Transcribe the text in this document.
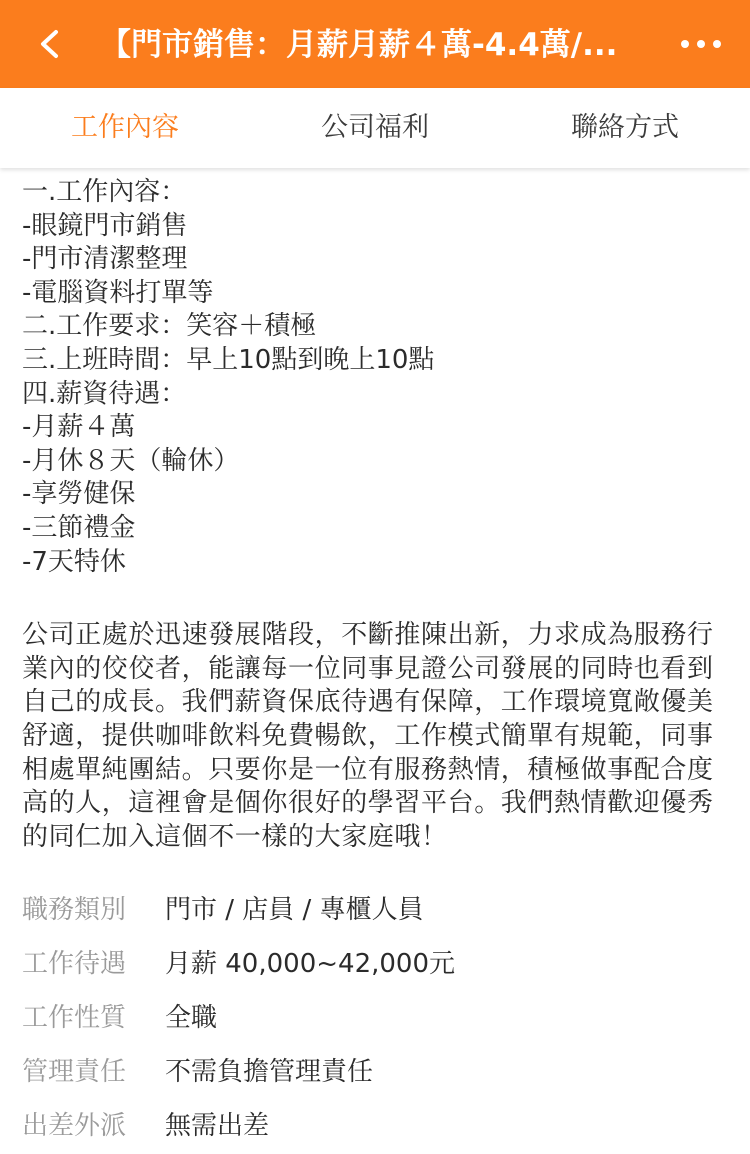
【門市銷售：月薪月薪４萬-4.4萬/...
工作內容	公司福利	聯絡方式
一.工作內容：
-眼鏡門市銷售
-門市清潔整理
-電腦資料打單等
二.工作要求：笑容＋積極
三.上班時間：早上10點到晚上10點
四.薪資待遇：
-月薪４萬
-月休８天（輪休）
-享勞健保
-三節禮金
-7天特休
公司正處於迅速發展階段，不斷推陳出新，力求成為服務行業內的佼佼者，能讓每一位同事見證公司發展的同時也看到自己的成長。我們薪資保底待遇有保障，工作環境寬敞優美舒適，提供咖啡飲料免費暢飲，工作模式簡單有規範，同事相處單純團結。只要你是一位有服務熱情，積極做事配合度高的人，這裡會是個你很好的學習平台。我們熱情歡迎優秀的同仁加入這個不一樣的大家庭哦！
職務類別	門市 / 店員 / 專櫃人員
工作待遇	月薪 40,000~42,000元
工作性質	全職
管理責任	不需負擔管理責任
出差外派	無需出差
